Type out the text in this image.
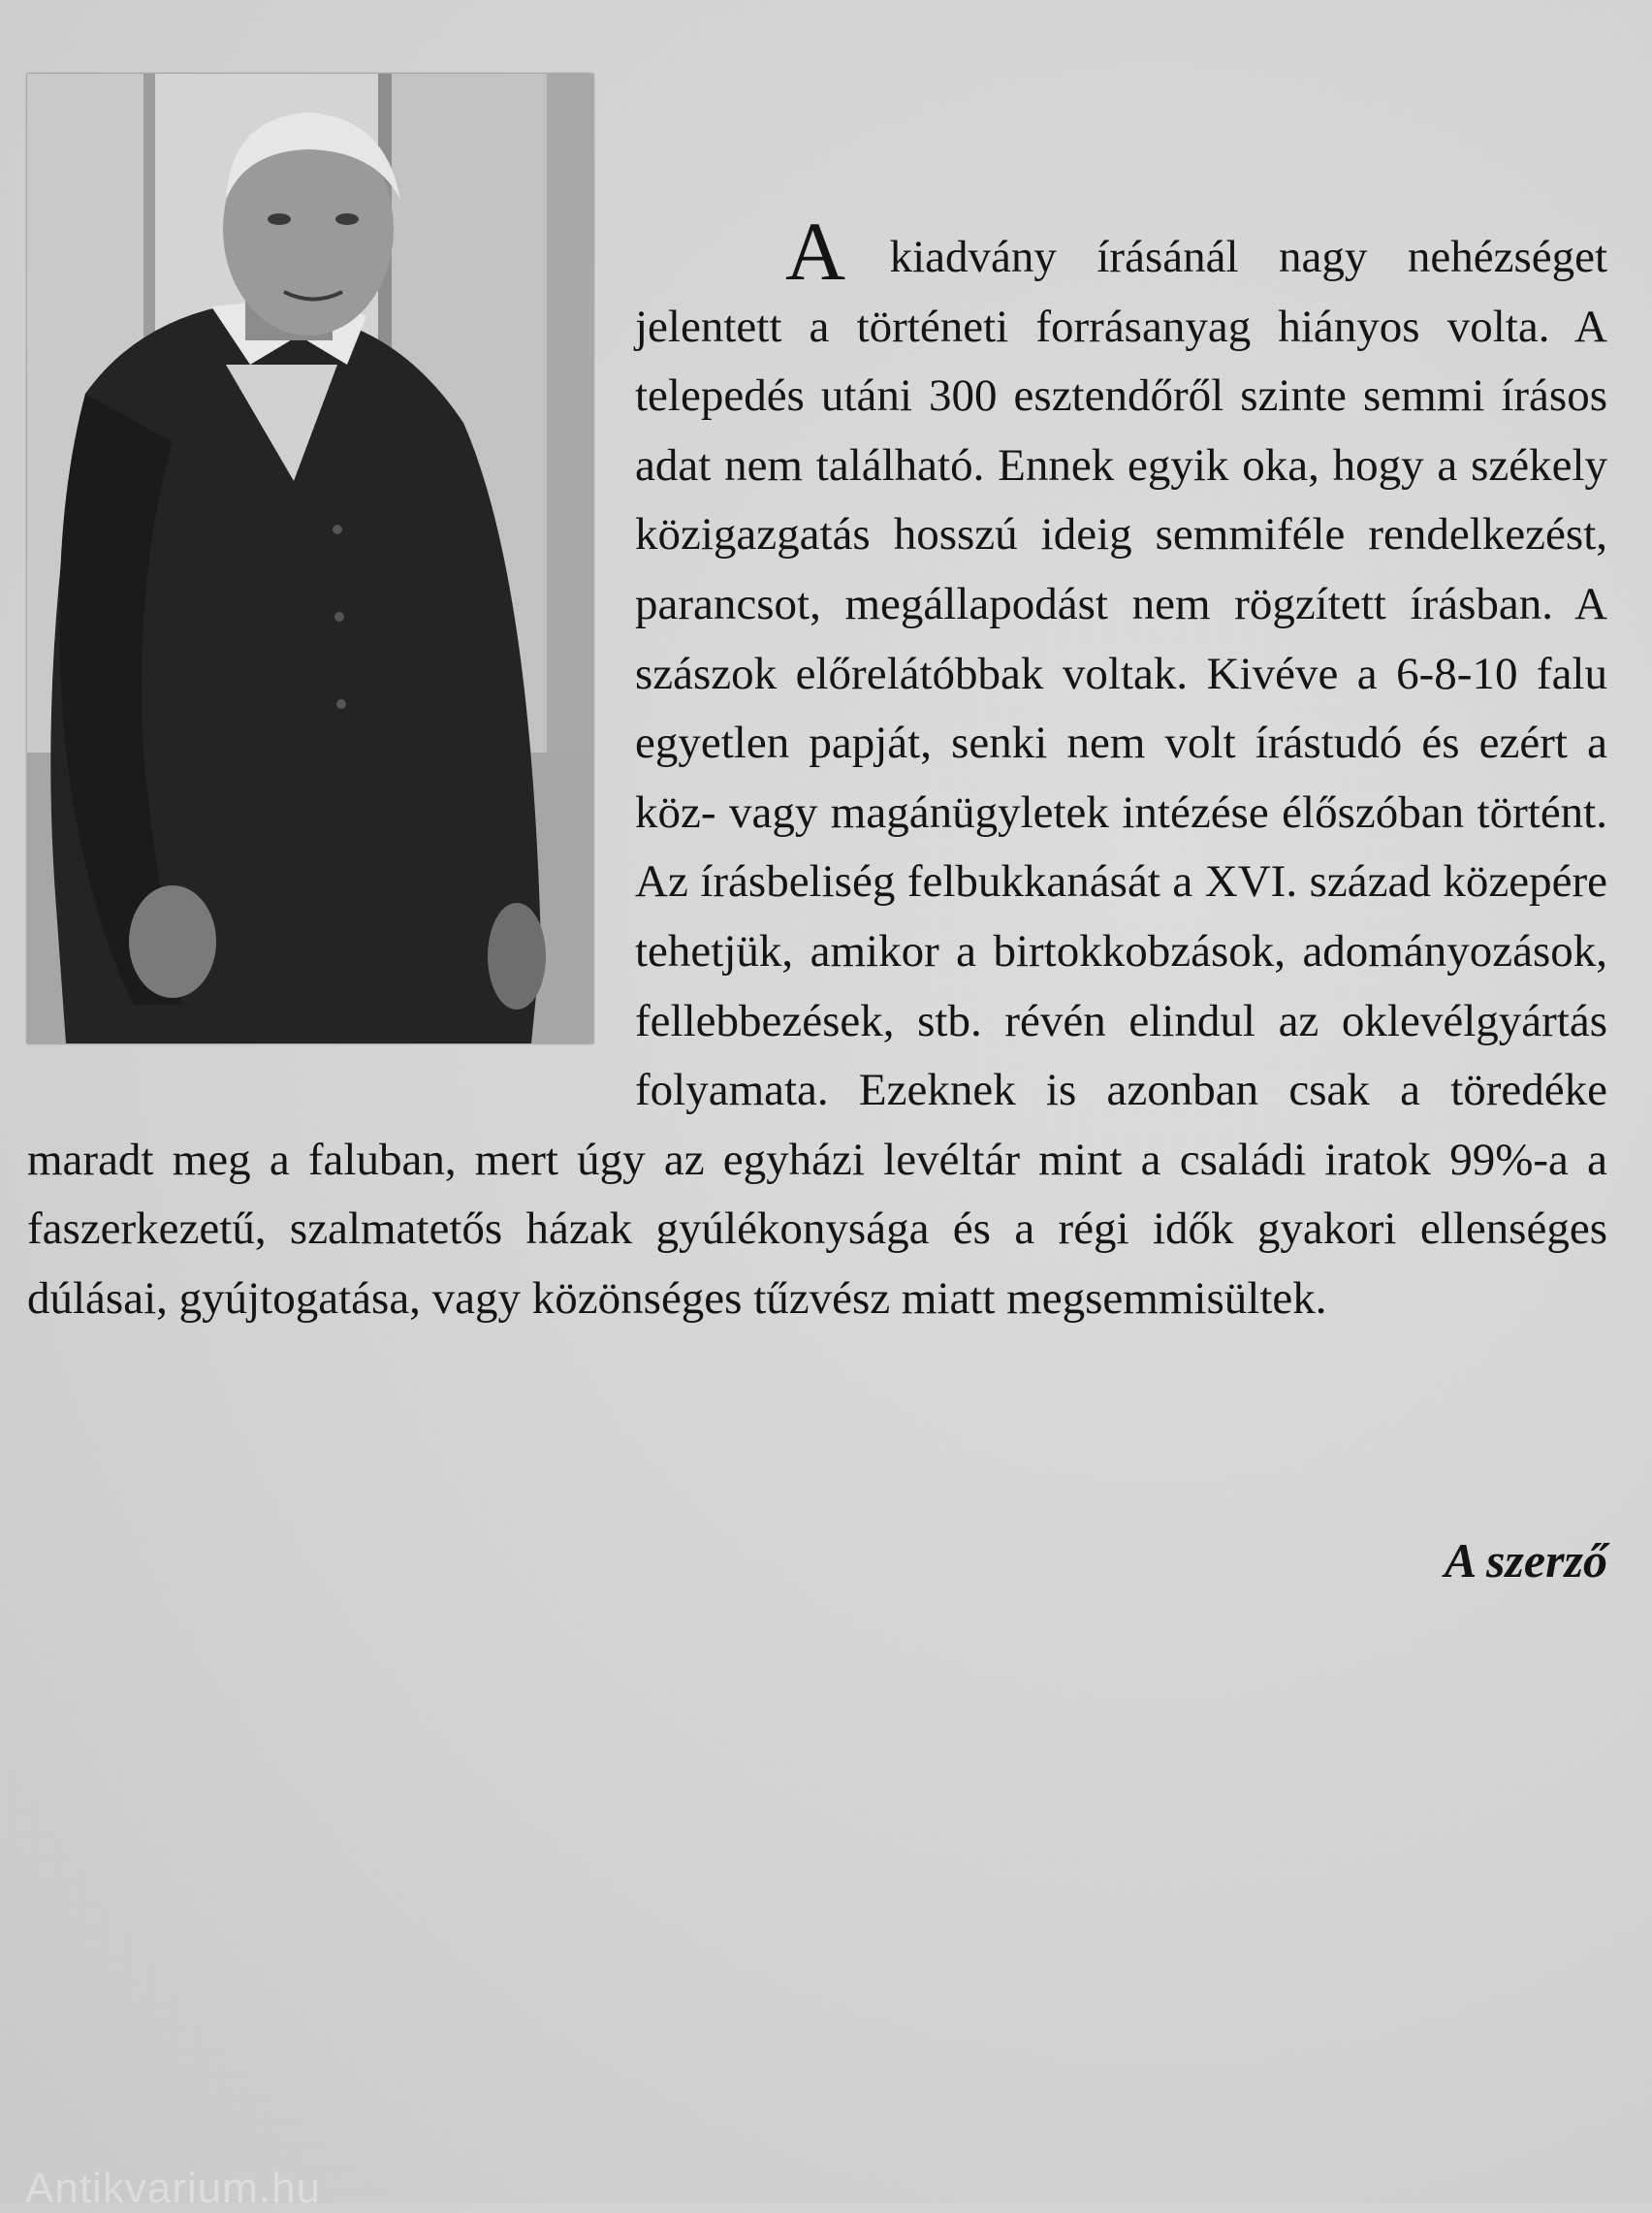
A kiadvány írásánál nagy nehézséget jelentett a történeti forrásanyag hiányos volta. A telepedés utáni 300 esztendőről szinte semmi írásos adat nem található. Ennek egyik oka, hogy a székely közigazgatás hosszú ideig semmiféle rendelkezést, parancsot, megállapodást nem rögzített írásban. A szászok előrelátóbbak voltak. Kivéve a 6-8-10 falu egyetlen papját, senki nem volt írástudó és ezért a köz- vagy magánügyletek intézése élőszóban történt. Az írásbeliség felbukkanását a XVI. század közepére tehetjük, amikor a birtokkobzások, adományozások, fellebbezések, stb. révén elindul az oklevélgyártás folyamata. Ezeknek is azonban csak a töredéke maradt meg a faluban, mert úgy az egyházi levéltár mint a családi iratok 99%-a a faszerkezetű, szalmatetős házak gyúlékonysága és a régi idők gyakori ellenséges dúlásai, gyújtogatása, vagy közönséges tűzvész miatt megsemmisültek.

A szerző
Antikvarium.hu
